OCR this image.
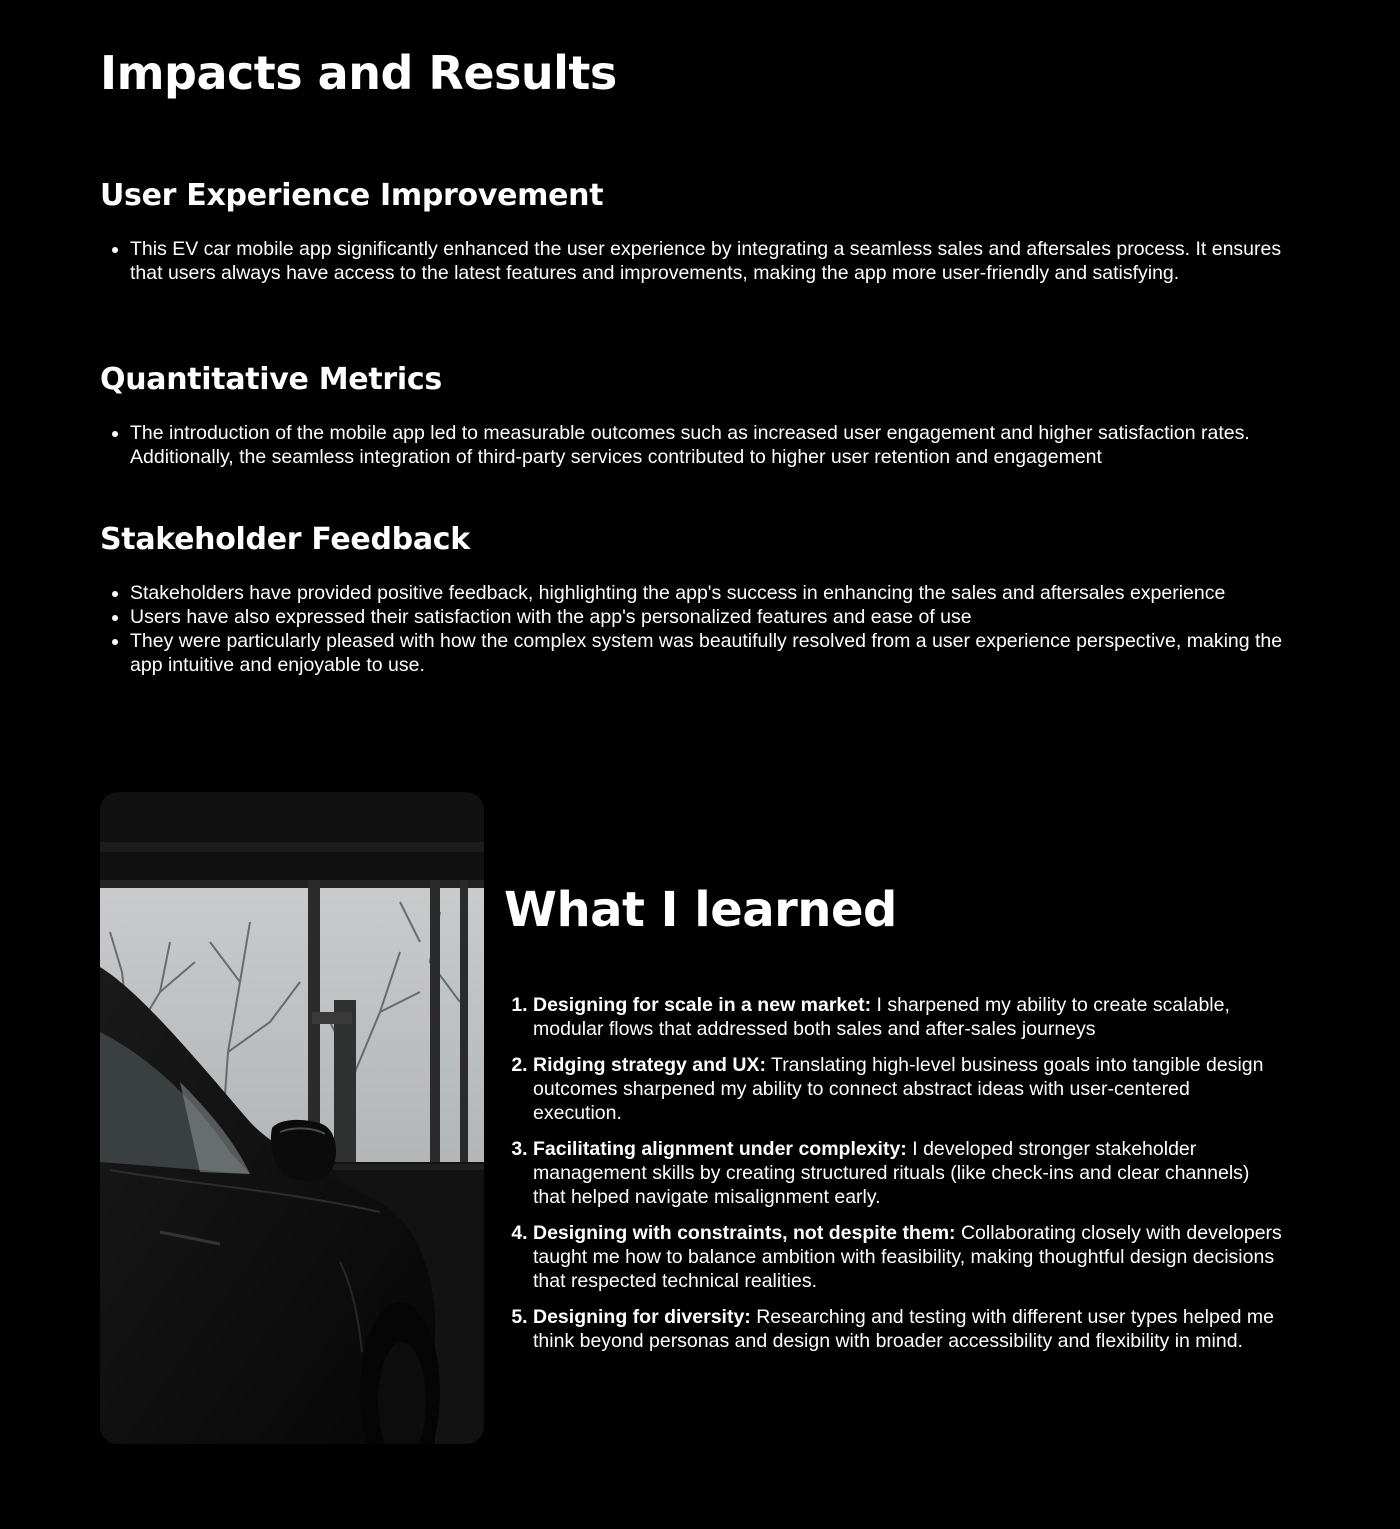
Impacts and Results
User Experience Improvement
• This EV car mobile app significantly enhanced the user experience by integrating a seamless sales and aftersales process. It ensures that users always have access to the latest features and improvements, making the app more user-friendly and satisfying.
Quantitative Metrics
• The introduction of the mobile app led to measurable outcomes such as increased user engagement and higher satisfaction rates. Additionally, the seamless integration of third-party services contributed to higher user retention and engagement
Stakeholder Feedback
• Stakeholders have provided positive feedback, highlighting the app's success in enhancing the sales and aftersales experience
• Users have also expressed their satisfaction with the app's personalized features and ease of use
• They were particularly pleased with how the complex system was beautifully resolved from a user experience perspective, making the app intuitive and enjoyable to use.
What I learned
1. Designing for scale in a new market: I sharpened my ability to create scalable, modular flows that addressed both sales and after-sales journeys
2. Ridging strategy and UX: Translating high-level business goals into tangible design outcomes sharpened my ability to connect abstract ideas with user-centered execution.
3. Facilitating alignment under complexity: I developed stronger stakeholder management skills by creating structured rituals (like check-ins and clear channels) that helped navigate misalignment early.
4. Designing with constraints, not despite them: Collaborating closely with developers taught me how to balance ambition with feasibility, making thoughtful design decisions that respected technical realities.
5. Designing for diversity: Researching and testing with different user types helped me think beyond personas and design with broader accessibility and flexibility in mind.
